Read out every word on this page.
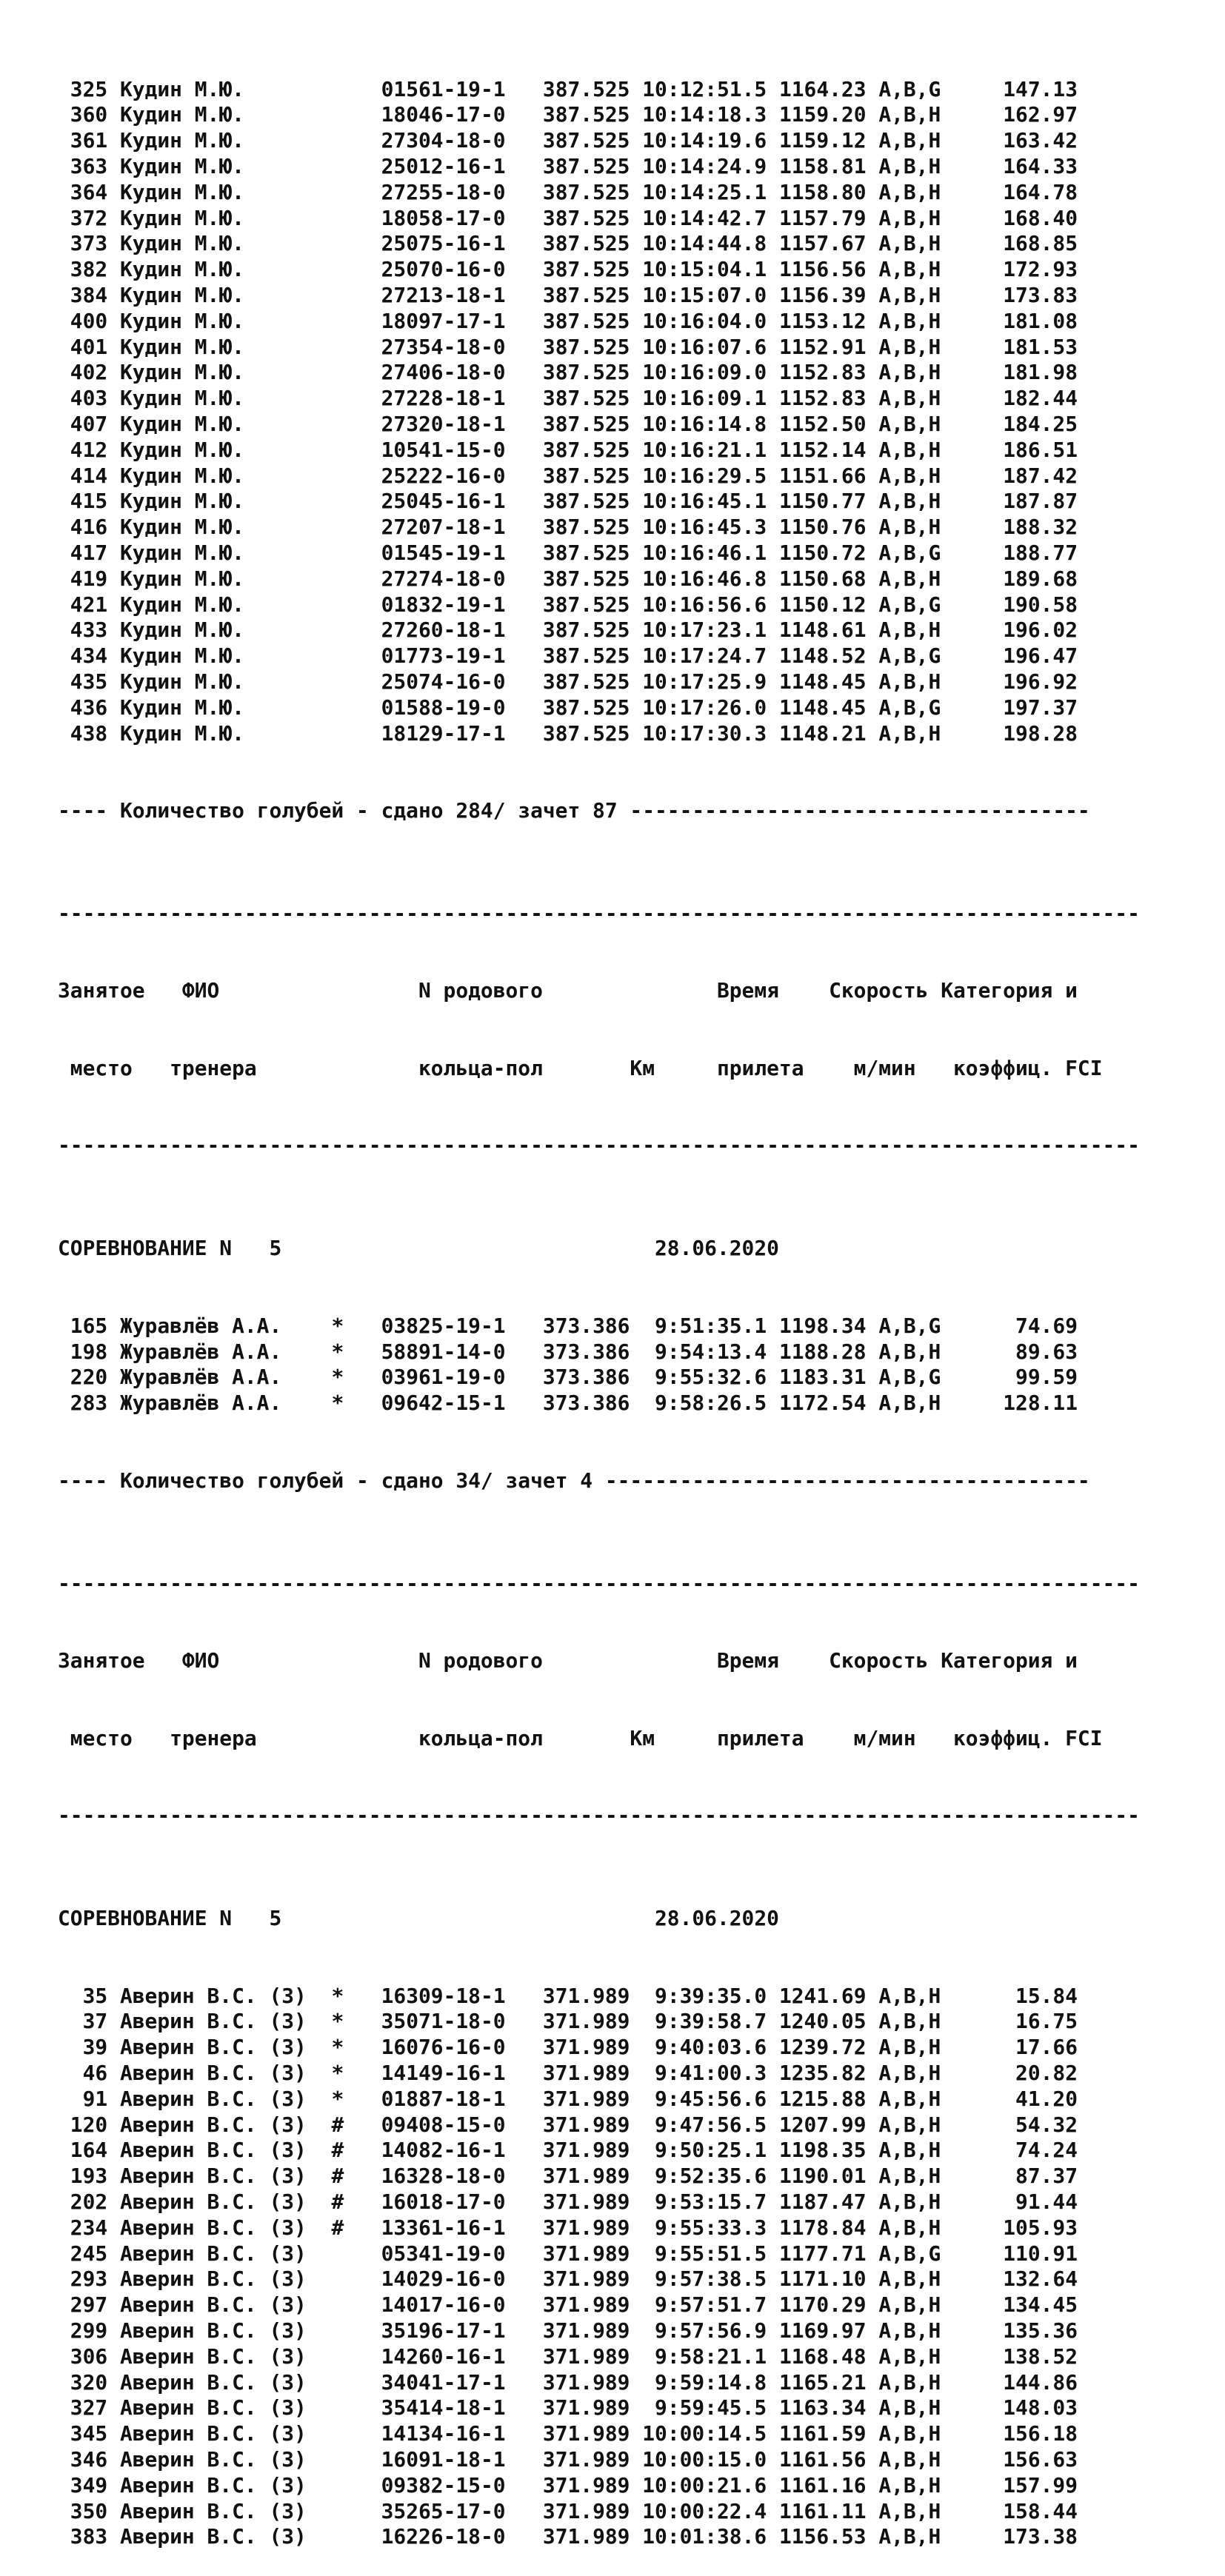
325 Кудин М.Ю.           01561-19-1   387.525 10:12:51.5 1164.23 A,B,G     147.13
360 Кудин М.Ю.           18046-17-0   387.525 10:14:18.3 1159.20 A,B,H     162.97
361 Кудин М.Ю.           27304-18-0   387.525 10:14:19.6 1159.12 A,B,H     163.42
363 Кудин М.Ю.           25012-16-1   387.525 10:14:24.9 1158.81 A,B,H     164.33
364 Кудин М.Ю.           27255-18-0   387.525 10:14:25.1 1158.80 A,B,H     164.78
372 Кудин М.Ю.           18058-17-0   387.525 10:14:42.7 1157.79 A,B,H     168.40
373 Кудин М.Ю.           25075-16-1   387.525 10:14:44.8 1157.67 A,B,H     168.85
382 Кудин М.Ю.           25070-16-0   387.525 10:15:04.1 1156.56 A,B,H     172.93
384 Кудин М.Ю.           27213-18-1   387.525 10:15:07.0 1156.39 A,B,H     173.83
400 Кудин М.Ю.           18097-17-1   387.525 10:16:04.0 1153.12 A,B,H     181.08
401 Кудин М.Ю.           27354-18-0   387.525 10:16:07.6 1152.91 A,B,H     181.53
402 Кудин М.Ю.           27406-18-0   387.525 10:16:09.0 1152.83 A,B,H     181.98
403 Кудин М.Ю.           27228-18-1   387.525 10:16:09.1 1152.83 A,B,H     182.44
407 Кудин М.Ю.           27320-18-1   387.525 10:16:14.8 1152.50 A,B,H     184.25
412 Кудин М.Ю.           10541-15-0   387.525 10:16:21.1 1152.14 A,B,H     186.51
414 Кудин М.Ю.           25222-16-0   387.525 10:16:29.5 1151.66 A,B,H     187.42
415 Кудин М.Ю.           25045-16-1   387.525 10:16:45.1 1150.77 A,B,H     187.87
416 Кудин М.Ю.           27207-18-1   387.525 10:16:45.3 1150.76 A,B,H     188.32
417 Кудин М.Ю.           01545-19-1   387.525 10:16:46.1 1150.72 A,B,G     188.77
419 Кудин М.Ю.           27274-18-0   387.525 10:16:46.8 1150.68 A,B,H     189.68
421 Кудин М.Ю.           01832-19-1   387.525 10:16:56.6 1150.12 A,B,G     190.58
433 Кудин М.Ю.           27260-18-1   387.525 10:17:23.1 1148.61 A,B,H     196.02
434 Кудин М.Ю.           01773-19-1   387.525 10:17:24.7 1148.52 A,B,G     196.47
435 Кудин М.Ю.           25074-16-0   387.525 10:17:25.9 1148.45 A,B,H     196.92
436 Кудин М.Ю.           01588-19-0   387.525 10:17:26.0 1148.45 A,B,G     197.37
438 Кудин М.Ю.           18129-17-1   387.525 10:17:30.3 1148.21 A,B,H     198.28

---- Количество голубей - сдано 284/ зачет 87 -------------------------------------

---------------------------------------------------------------------------------------

Занятое   ФИО                N родового              Время    Скорость Категория и

место   тренера             кольца-пол       Км     прилета    м/мин   коэффиц. FCI

---------------------------------------------------------------------------------------

СОРЕВНОВАНИЕ N   5	28.06.2020

165 Журавлёв А.А.    *   03825-19-1   373.386  9:51:35.1 1198.34 A,B,G      74.69
198 Журавлёв А.А.    *   58891-14-0   373.386  9:54:13.4 1188.28 A,B,H      89.63
220 Журавлёв А.А.    *   03961-19-0   373.386  9:55:32.6 1183.31 A,B,G      99.59
283 Журавлёв А.А.    *   09642-15-1   373.386  9:58:26.5 1172.54 A,B,H     128.11

---- Количество голубей - сдано 34/ зачет 4 ---------------------------------------

---------------------------------------------------------------------------------------

Занятое   ФИО                N родового              Время    Скорость Категория и

место   тренера             кольца-пол       Км     прилета    м/мин   коэффиц. FCI

---------------------------------------------------------------------------------------

СОРЕВНОВАНИЕ N   5	28.06.2020

35 Аверин В.С. (З)  *   16309-18-1   371.989  9:39:35.0 1241.69 A,B,H      15.84
37 Аверин В.С. (З)  *   35071-18-0   371.989  9:39:58.7 1240.05 A,B,H      16.75
39 Аверин В.С. (З)  *   16076-16-0   371.989  9:40:03.6 1239.72 A,B,H      17.66
46 Аверин В.С. (З)  *   14149-16-1   371.989  9:41:00.3 1235.82 A,B,H      20.82
91 Аверин В.С. (З)  *   01887-18-1   371.989  9:45:56.6 1215.88 A,B,H      41.20
120 Аверин В.С. (З)  #   09408-15-0   371.989  9:47:56.5 1207.99 A,B,H      54.32
164 Аверин В.С. (З)  #   14082-16-1   371.989  9:50:25.1 1198.35 A,B,H      74.24
193 Аверин В.С. (З)  #   16328-18-0   371.989  9:52:35.6 1190.01 A,B,H      87.37
202 Аверин В.С. (З)  #   16018-17-0   371.989  9:53:15.7 1187.47 A,B,H      91.44
234 Аверин В.С. (З)  #   13361-16-1   371.989  9:55:33.3 1178.84 A,B,H     105.93
245 Аверин В.С. (З)      05341-19-0   371.989  9:55:51.5 1177.71 A,B,G     110.91
293 Аверин В.С. (З)      14029-16-0   371.989  9:57:38.5 1171.10 A,B,H     132.64
297 Аверин В.С. (З)      14017-16-0   371.989  9:57:51.7 1170.29 A,B,H     134.45
299 Аверин В.С. (З)      35196-17-1   371.989  9:57:56.9 1169.97 A,B,H     135.36
306 Аверин В.С. (З)      14260-16-1   371.989  9:58:21.1 1168.48 A,B,H     138.52
320 Аверин В.С. (З)      34041-17-1   371.989  9:59:14.8 1165.21 A,B,H     144.86
327 Аверин В.С. (З)      35414-18-1   371.989  9:59:45.5 1163.34 A,B,H     148.03
345 Аверин В.С. (З)      14134-16-1   371.989 10:00:14.5 1161.59 A,B,H     156.18
346 Аверин В.С. (З)      16091-18-1   371.989 10:00:15.0 1161.56 A,B,H     156.63
349 Аверин В.С. (З)      09382-15-0   371.989 10:00:21.6 1161.16 A,B,H     157.99
350 Аверин В.С. (З)      35265-17-0   371.989 10:00:22.4 1161.11 A,B,H     158.44
383 Аверин В.С. (З)      16226-18-0   371.989 10:01:38.6 1156.53 A,B,H     173.38
